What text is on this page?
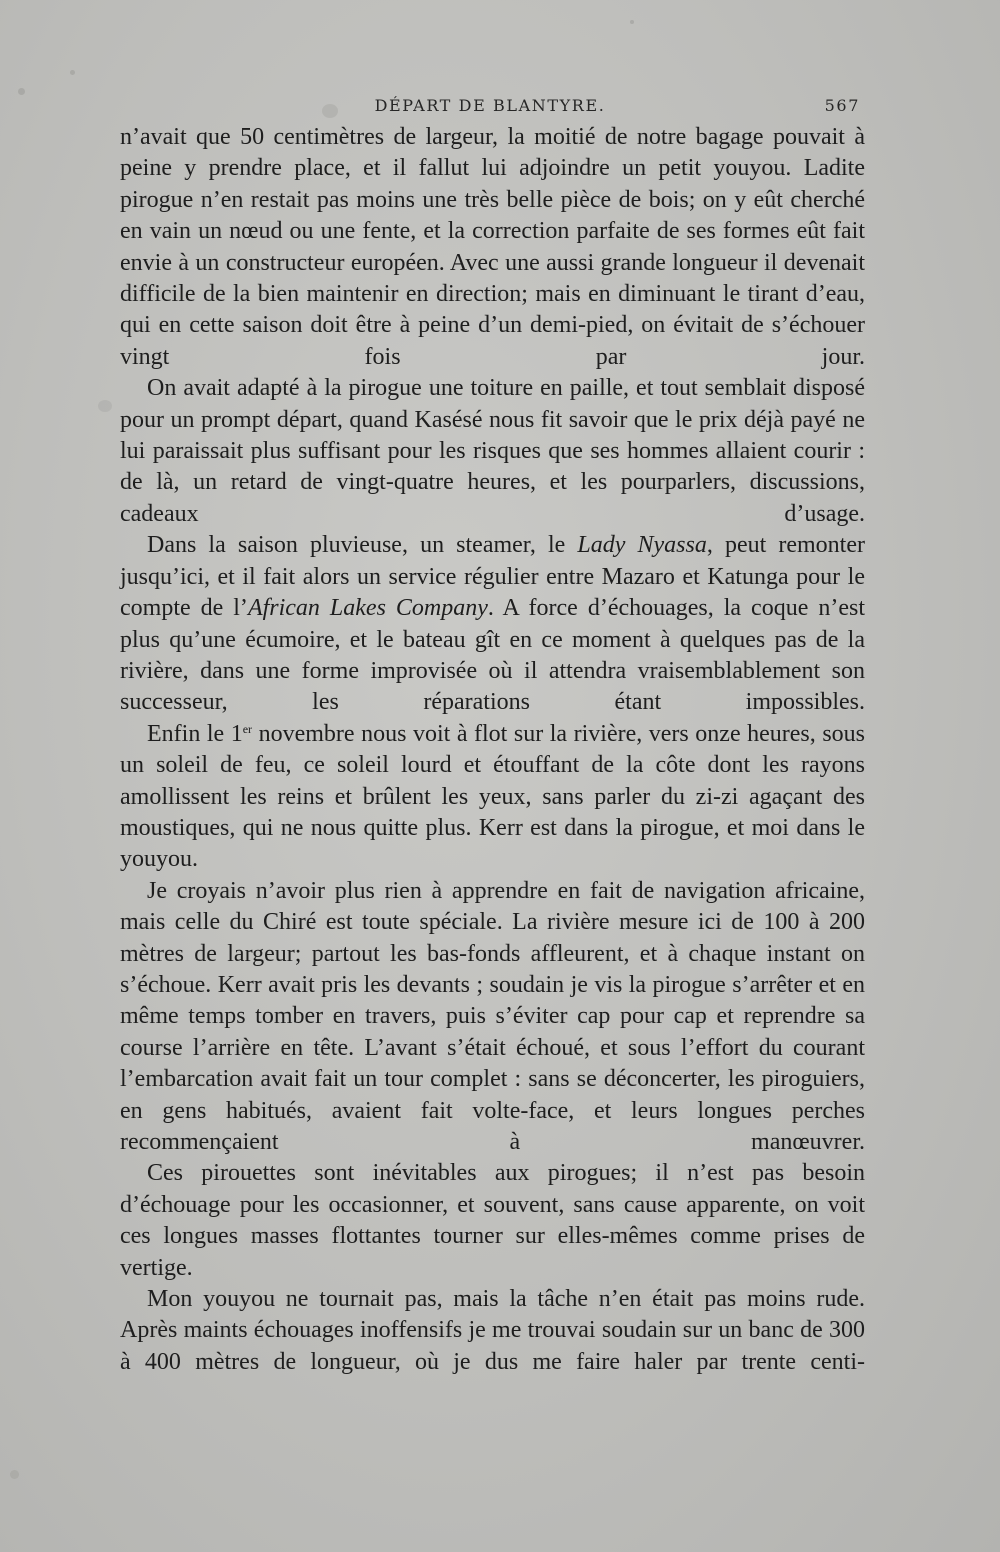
DÉPART DE BLANTYRE.	567

n’avait que 50 centimètres de largeur, la moitié de notre bagage pouvait à peine y prendre place, et il fallut lui adjoindre un petit youyou. Ladite pirogue n’en restait pas moins une très belle pièce de bois; on y eût cherché en vain un nœud ou une fente, et la correction parfaite de ses formes eût fait envie à un constructeur européen. Avec une aussi grande longueur il devenait difficile de la bien maintenir en direction; mais en diminuant le tirant d’eau, qui en cette saison doit être à peine d’un demi-pied, on évitait de s’échouer vingt fois par jour.

On avait adapté à la pirogue une toiture en paille, et tout semblait disposé pour un prompt départ, quand Kasésé nous fit savoir que le prix déjà payé ne lui paraissait plus suffisant pour les risques que ses hommes allaient courir : de là, un retard de vingt-quatre heures, et les pourparlers, discussions, cadeaux d’usage.

Dans la saison pluvieuse, un steamer, le Lady Nyassa, peut remonter jusqu’ici, et il fait alors un service régulier entre Mazaro et Katunga pour le compte de l’African Lakes Company. A force d’échouages, la coque n’est plus qu’une écumoire, et le bateau gît en ce moment à quelques pas de la rivière, dans une forme improvisée où il attendra vraisemblablement son successeur, les réparations étant impossibles.

Enfin le 1er novembre nous voit à flot sur la rivière, vers onze heures, sous un soleil de feu, ce soleil lourd et étouffant de la côte dont les rayons amollissent les reins et brûlent les yeux, sans parler du zi-zi agaçant des moustiques, qui ne nous quitte plus. Kerr est dans la pirogue, et moi dans le youyou.

Je croyais n’avoir plus rien à apprendre en fait de navigation africaine, mais celle du Chiré est toute spéciale. La rivière mesure ici de 100 à 200 mètres de largeur; partout les bas-fonds affleurent, et à chaque instant on s’échoue. Kerr avait pris les devants ; soudain je vis la pirogue s’arrêter et en même temps tomber en travers, puis s’éviter cap pour cap et reprendre sa course l’arrière en tête. L’avant s’était échoué, et sous l’effort du courant l’embarcation avait fait un tour complet : sans se déconcerter, les piroguiers, en gens habitués, avaient fait volte-face, et leurs longues perches recommençaient à manœuvrer.

Ces pirouettes sont inévitables aux pirogues; il n’est pas besoin d’échouage pour les occasionner, et souvent, sans cause apparente, on voit ces longues masses flottantes tourner sur elles-mêmes comme prises de vertige.

Mon youyou ne tournait pas, mais la tâche n’en était pas moins rude. Après maints échouages inoffensifs je me trouvai soudain sur un banc de 300 à 400 mètres de longueur, où je dus me faire haler par trente centi-
